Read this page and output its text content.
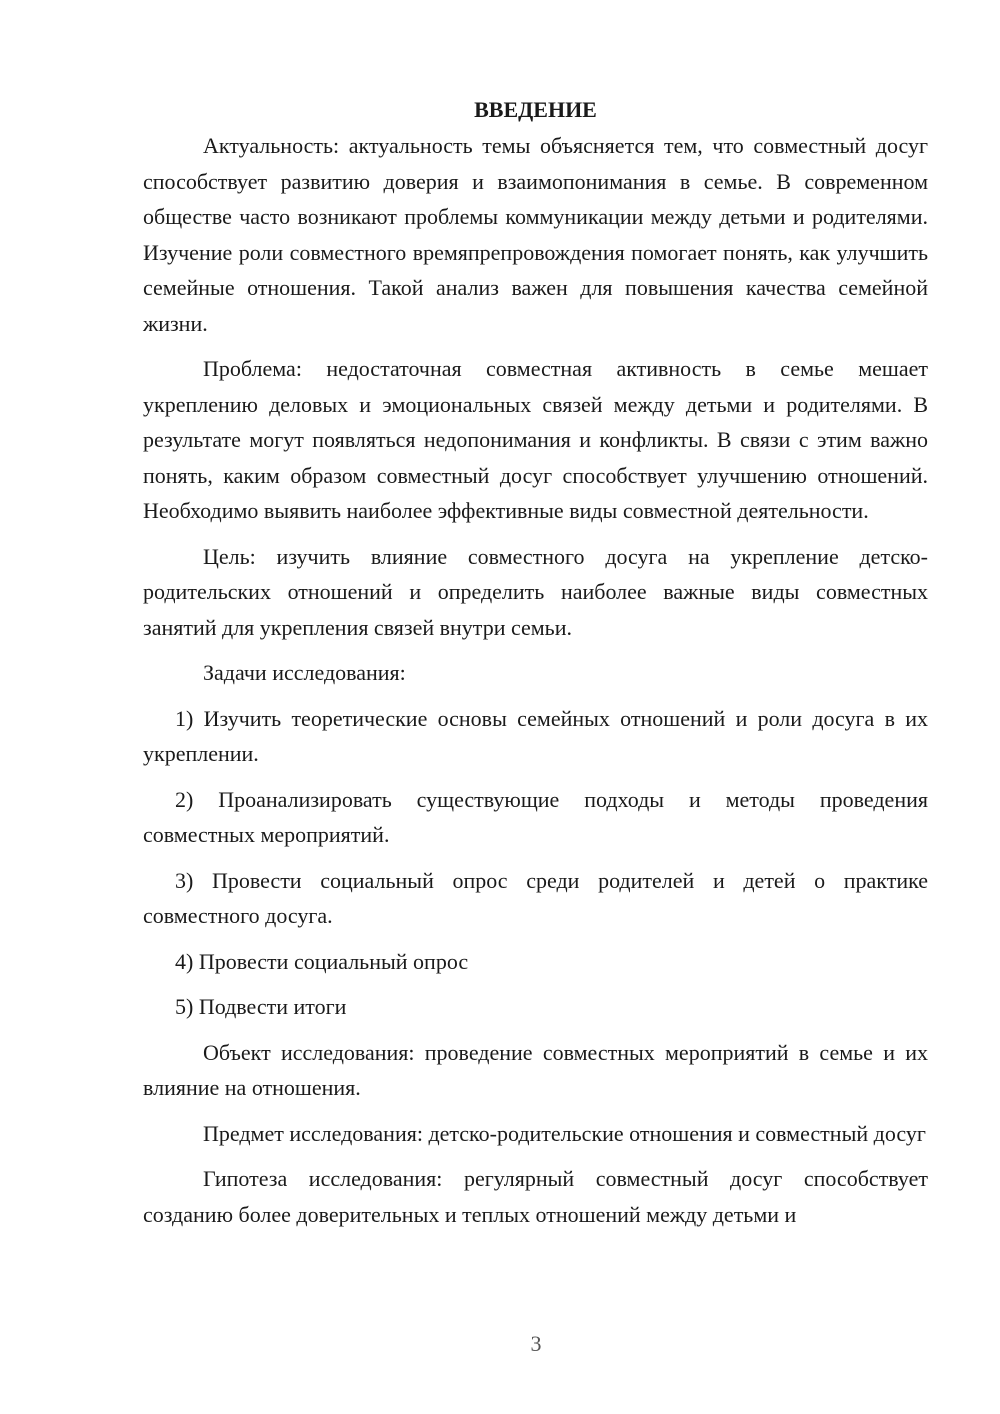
ВВЕДЕНИЕ

Актуальность: актуальность темы объясняется тем, что совместный досуг способствует развитию доверия и взаимопонимания в семье. В современном обществе часто возникают проблемы коммуникации между детьми и родителями. Изучение роли совместного времяпрепровождения помогает понять, как улучшить семейные отношения. Такой анализ важен для повышения качества семейной жизни.

Проблема: недостаточная совместная активность в семье мешает укреплению деловых и эмоциональных связей между детьми и родителями. В результате могут появляться недопонимания и конфликты. В связи с этим важно понять, каким образом совместный досуг способствует улучшению отношений. Необходимо выявить наиболее эффективные виды совместной деятельности.

Цель: изучить влияние совместного досуга на укрепление детско-родительских отношений и определить наиболее важные виды совместных занятий для укрепления связей внутри семьи.

Задачи исследования:

1) Изучить теоретические основы семейных отношений и роли досуга в их укреплении.

2) Проанализировать существующие подходы и методы проведения совместных мероприятий.

3) Провести социальный опрос среди родителей и детей о практике совместного досуга.

4) Провести социальный опрос

5) Подвести итоги

Объект исследования: проведение совместных мероприятий в семье и их влияние на отношения.

Предмет исследования: детско-родительские отношения и совместный досуг

Гипотеза исследования: регулярный совместный досуг способствует созданию более доверительных и теплых отношений между детьми и

3
